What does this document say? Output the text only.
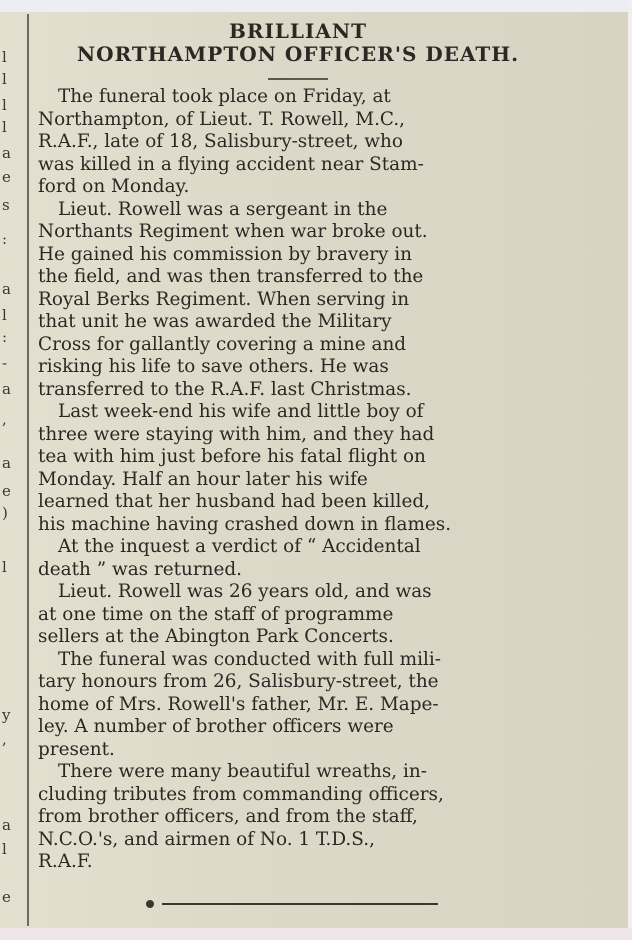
l
l
l
l
a
e
s
:
a
l
:
-
a
,
a
e
)
l
y
,
a
l
e
BRILLIANT
NORTHAMPTON OFFICER'S DEATH.

The funeral took place on Friday, at
Northampton, of Lieut. T. Rowell, M.C.,
R.A.F., late of 18, Salisbury-street, who
was killed in a flying accident near Stam-
ford on Monday.

Lieut. Rowell was a sergeant in the
Northants Regiment when war broke out.
He gained his commission by bravery in
the field, and was then transferred to the
Royal Berks Regiment. When serving in
that unit he was awarded the Military
Cross for gallantly covering a mine and
risking his life to save others. He was
transferred to the R.A.F. last Christmas.

Last week-end his wife and little boy of
three were staying with him, and they had
tea with him just before his fatal flight on
Monday. Half an hour later his wife
learned that her husband had been killed,
his machine having crashed down in flames.

At the inquest a verdict of “ Accidental
death ” was returned.

Lieut. Rowell was 26 years old, and was
at one time on the staff of programme
sellers at the Abington Park Concerts.

The funeral was conducted with full mili-
tary honours from 26, Salisbury-street, the
home of Mrs. Rowell's father, Mr. E. Mape-
ley. A number of brother officers were
present.

There were many beautiful wreaths, in-
cluding tributes from commanding officers,
from brother officers, and from the staff,
N.C.O.'s, and airmen of No. 1 T.D.S.,
R.A.F.
